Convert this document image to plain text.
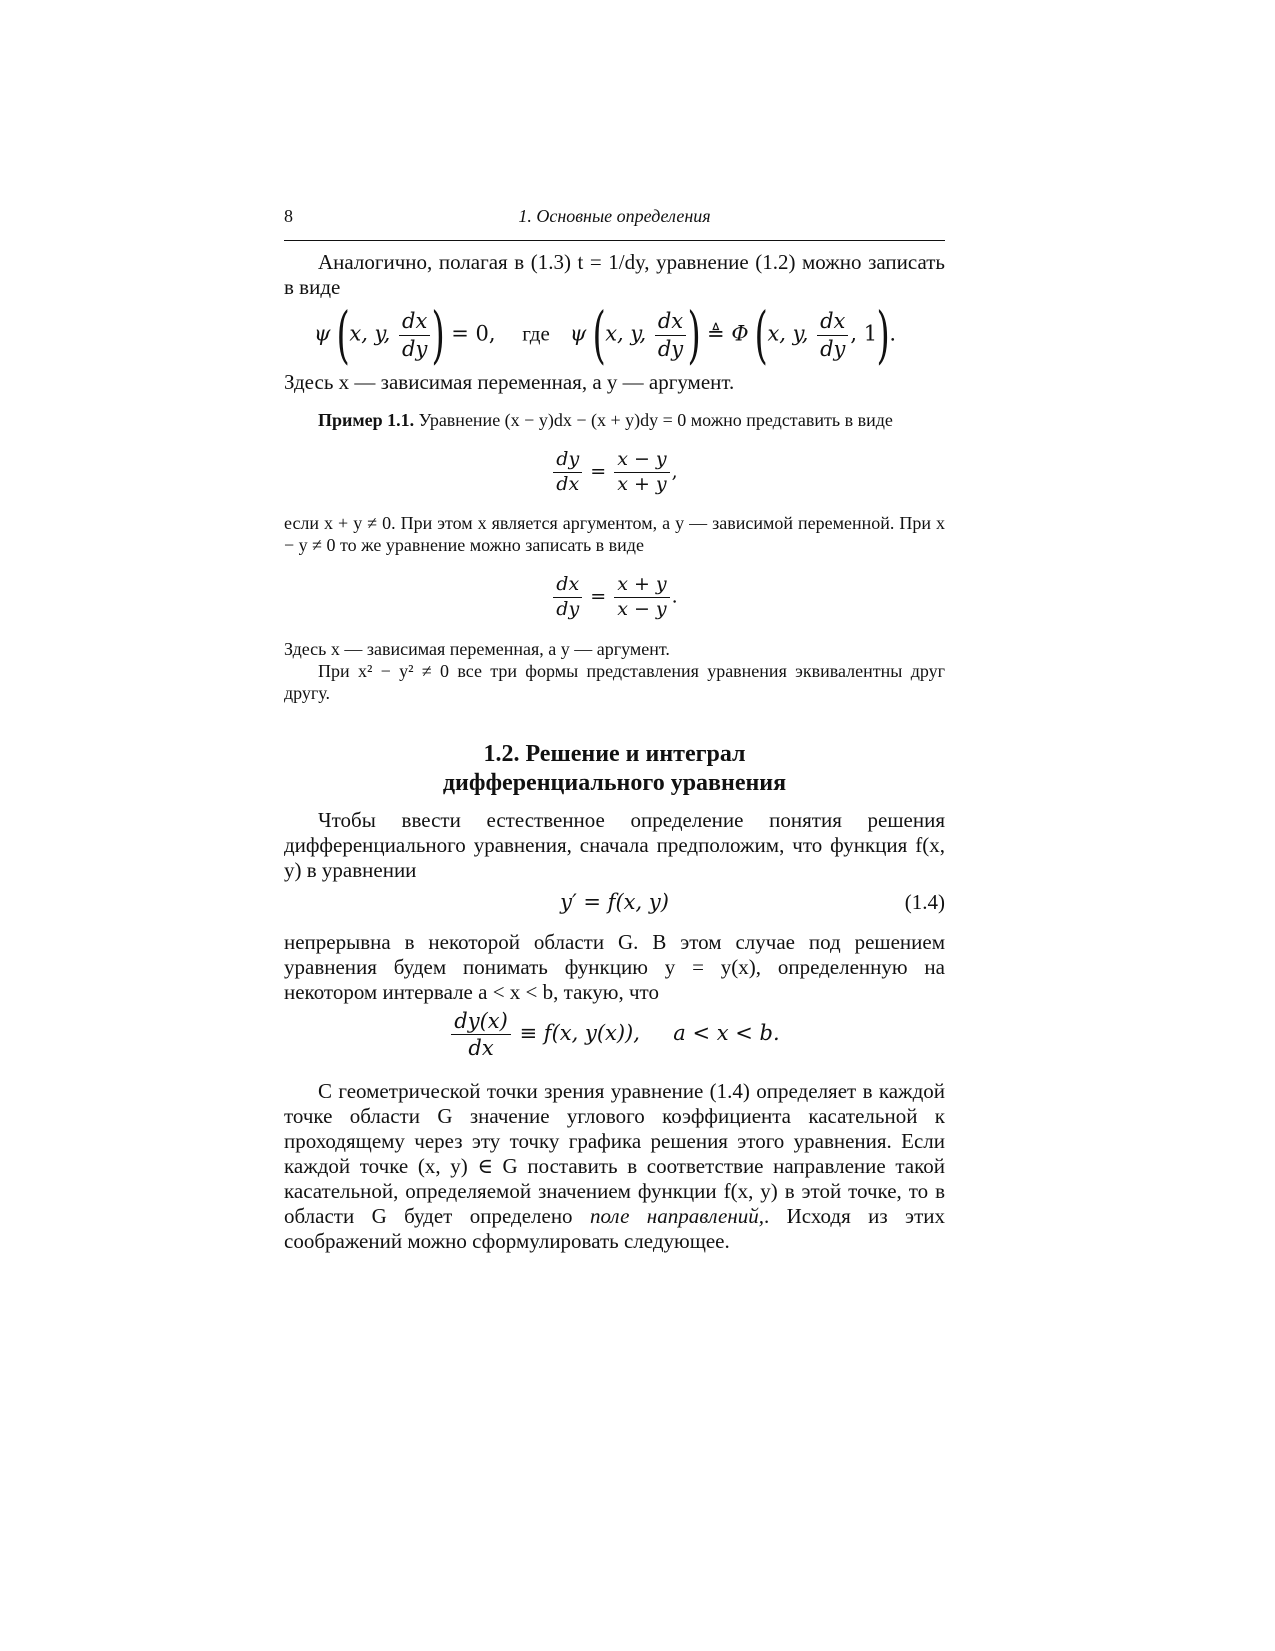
8	1. Основные определения

Аналогично, полагая в (1.3) t = 1/dy, уравнение (1.2) можно записать в виде

ψ (x, y, $\frac{dx}{dy}$ ) = 0, где ψ (x, y, $\frac{dx}{dy}$ ) ≜ Φ (x, y, $\frac{dx}{dy}$ , 1).

Здесь x — зависимая переменная, а y — аргумент.

Пример 1.1. Уравнение (x − y)dx − (x + y)dy = 0 можно представить в виде

$\frac{dy}{dx} = \frac{x - y}{x + y}$ ,

если x + y ≠ 0. При этом x является аргументом, а y — зависимой переменной. При x − y ≠ 0 то же уравнение можно записать в виде

$\frac{dx}{dy} = \frac{x + y}{x - y}$ .

Здесь x — зависимая переменная, а y — аргумент.

При x² − y² ≠ 0 все три формы представления уравнения эквивалентны друг другу.

1.2. Решение и интеграл
дифференциального уравнения

Чтобы ввести естественное определение понятия решения дифференциального уравнения, сначала предположим, что функция f(x, y) в уравнении

y′ = f(x, y)	(1.4)

непрерывна в некоторой области G. В этом случае под решением уравнения будем понимать функцию y = y(x), определенную на некотором интервале a < x < b, такую, что

$\frac{dy(x)}{dx} \equiv f(x$, y(x)),     a < x < b.

С геометрической точки зрения уравнение (1.4) определяет в каждой точке области G значение углового коэффициента касательной к проходящему через эту точку графика решения этого уравнения. Если каждой точке (x, y) ∈ G поставить в соответствие направление такой касательной, определяемой значением функции f(x, y) в этой точке, то в области G будет определено поле направлений,. Исходя из этих соображений можно сформулировать следующее.
